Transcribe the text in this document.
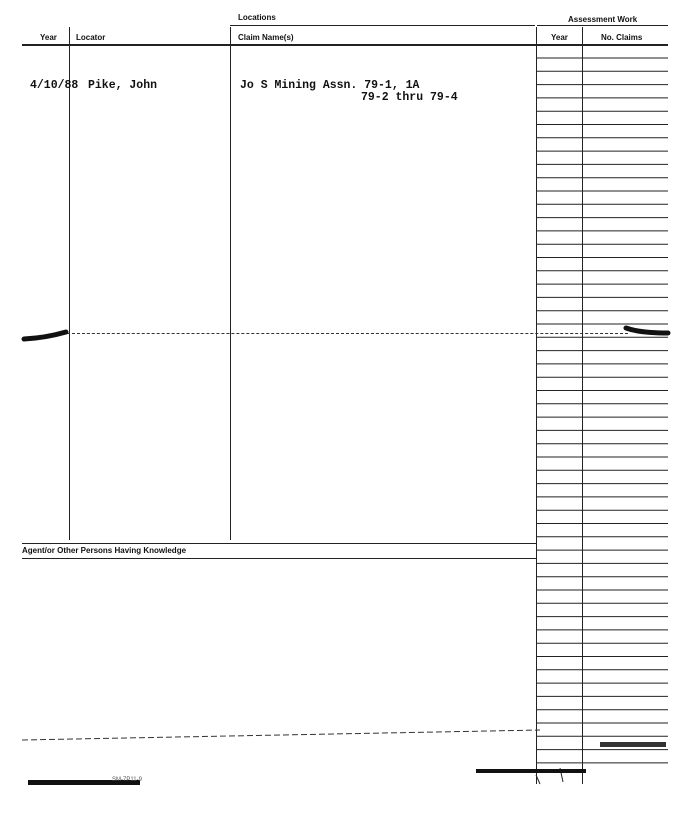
Locations	Assessment Work
Year Locator	Claim Name(s)	Year	No. Claims
4/10/88 Pike, John	Jo S Mining Assn. 79-1, 1A
79-2 thru 79-4
Agent/or Other Persons Having Knowledge
SM-7P11-9
